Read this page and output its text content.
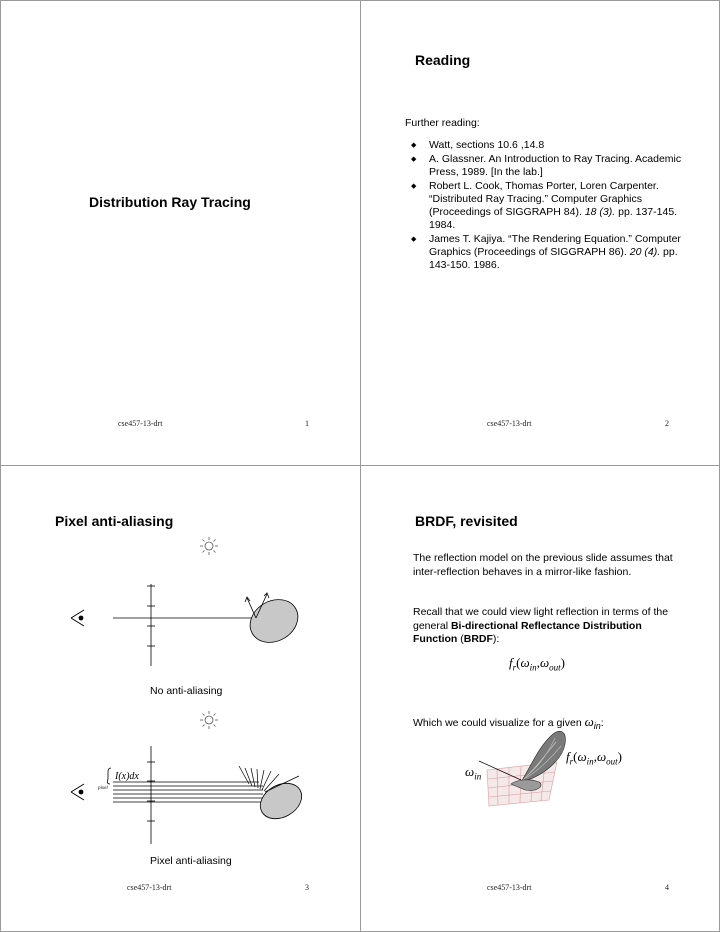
Distribution Ray Tracing
cse457-13-drt	1
Reading
Further reading:
◆ Watt, sections 10.6 ,14.8
◆ A. Glassner. An Introduction to Ray Tracing. Academic Press, 1989. [In the lab.]
◆ Robert L. Cook, Thomas Porter, Loren Carpenter.
“Distributed Ray Tracing.” Computer Graphics (Proceedings of SIGGRAPH 84). 18 (3). pp. 137-145. 1984.
◆ James T. Kajiya. “The Rendering Equation.” Computer Graphics (Proceedings of SIGGRAPH 86). 20 (4). pp. 143-150. 1986.
cse457-13-drt	2
Pixel anti-aliasing
I(x)dx
pixel
No anti-aliasing
Pixel anti-aliasing
cse457-13-drt	3
BRDF, revisited
The reflection model on the previous slide assumes that inter-reflection behaves in a mirror-like fashion.
Recall that we could view light reflection in terms of the general Bi-directional Reflectance Distribution Function (BRDF):
$f_r(\omega_{in},\omega_{out})$
Which we could visualize for a given $\omega_{in}$:
$\omega_{in}$
$f_r(\omega_{in},\omega_{out})$
cse457-13-drt	4
